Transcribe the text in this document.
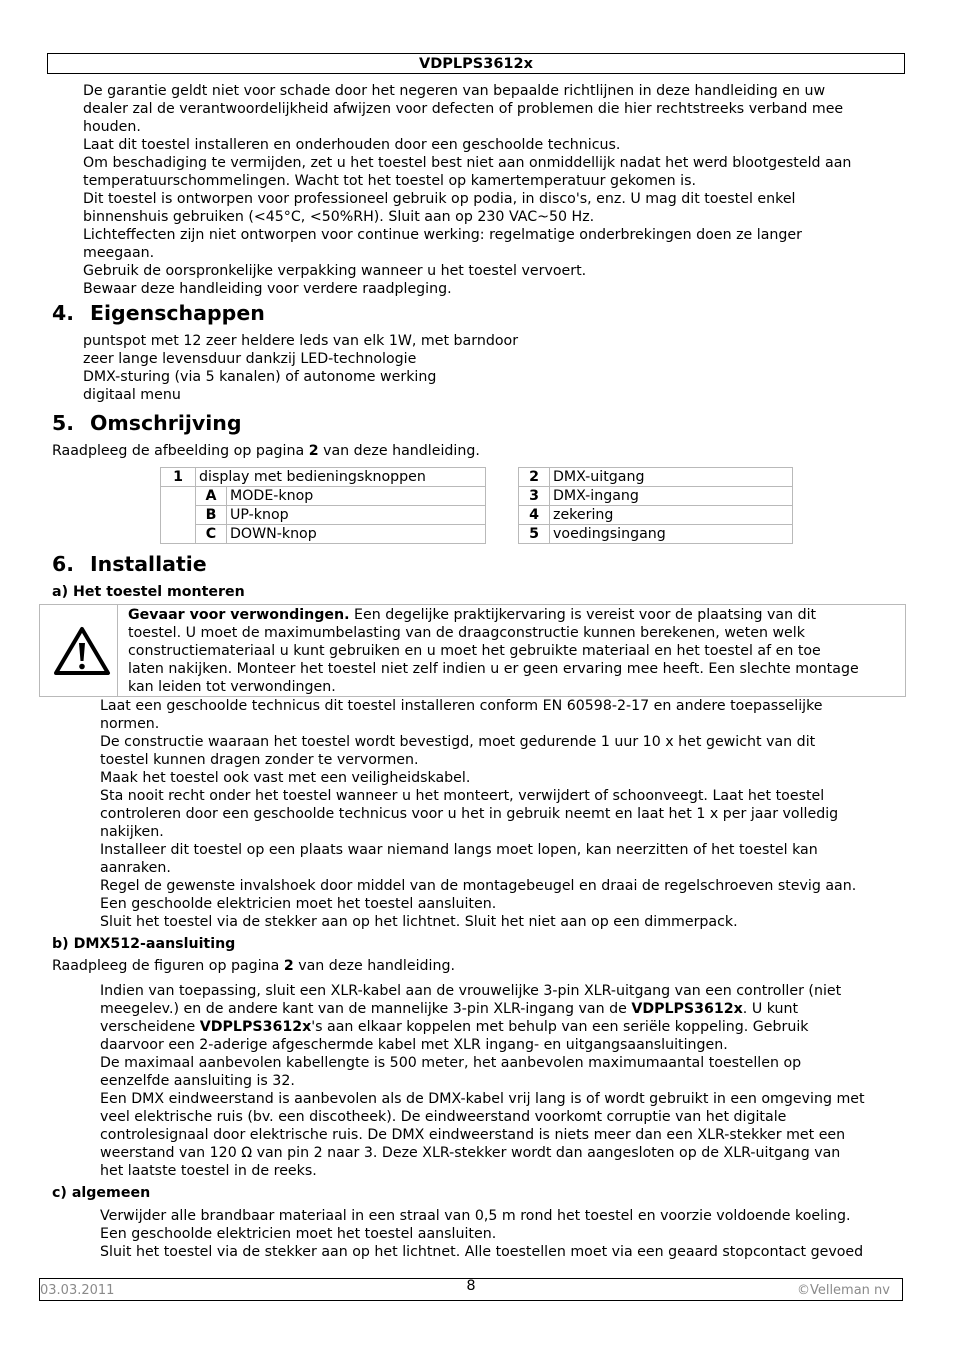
VDPLPS3612x
De garantie geldt niet voor schade door het negeren van bepaalde richtlijnen in deze handleiding en uw
dealer zal de verantwoordelijkheid afwijzen voor defecten of problemen die hier rechtstreeks verband mee
houden.
Laat dit toestel installeren en onderhouden door een geschoolde technicus.
Om beschadiging te vermijden, zet u het toestel best niet aan onmiddellijk nadat het werd blootgesteld aan
temperatuurschommelingen. Wacht tot het toestel op kamertemperatuur gekomen is.
Dit toestel is ontworpen voor professioneel gebruik op podia, in disco's, enz. U mag dit toestel enkel
binnenshuis gebruiken (<45°C, <50%RH). Sluit aan op 230 VAC~50 Hz.
Lichteffecten zijn niet ontworpen voor continue werking: regelmatige onderbrekingen doen ze langer
meegaan.
Gebruik de oorspronkelijke verpakking wanneer u het toestel vervoert.
Bewaar deze handleiding voor verdere raadpleging.
4. Eigenschappen
puntspot met 12 zeer heldere leds van elk 1W, met barndoor
zeer lange levensduur dankzij LED-technologie
DMX-sturing (via 5 kanalen) of autonome werking
digitaal menu
5. Omschrijving
Raadpleeg de afbeelding op pagina 2 van deze handleiding.
1	display met bedieningsknoppen	
	A	MODE-knop
	B	UP-knop
	C	DOWN-knop
2	DMX-uitgang
3	DMX-ingang
4	zekering
5	voedingsingang
6. Installatie
a) Het toestel monteren
Gevaar voor verwondingen. Een degelijke praktijkervaring is vereist voor de plaatsing van dit
toestel. U moet de maximumbelasting van de draagconstructie kunnen berekenen, weten welk
constructiemateriaal u kunt gebruiken en u moet het gebruikte materiaal en het toestel af en toe
laten nakijken. Monteer het toestel niet zelf indien u er geen ervaring mee heeft. Een slechte montage
kan leiden tot verwondingen.
Laat een geschoolde technicus dit toestel installeren conform EN 60598-2-17 en andere toepasselijke
normen.
De constructie waaraan het toestel wordt bevestigd, moet gedurende 1 uur 10 x het gewicht van dit
toestel kunnen dragen zonder te vervormen.
Maak het toestel ook vast met een veiligheidskabel.
Sta nooit recht onder het toestel wanneer u het monteert, verwijdert of schoonveegt. Laat het toestel
controleren door een geschoolde technicus voor u het in gebruik neemt en laat het 1 x per jaar volledig
nakijken.
Installeer dit toestel op een plaats waar niemand langs moet lopen, kan neerzitten of het toestel kan
aanraken.
Regel de gewenste invalshoek door middel van de montagebeugel en draai de regelschroeven stevig aan.
Een geschoolde elektricien moet het toestel aansluiten.
Sluit het toestel via de stekker aan op het lichtnet. Sluit het niet aan op een dimmerpack.
b) DMX512-aansluiting
Raadpleeg de figuren op pagina 2 van deze handleiding.
Indien van toepassing, sluit een XLR-kabel aan de vrouwelijke 3-pin XLR-uitgang van een controller (niet
meegelev.) en de andere kant van de mannelijke 3-pin XLR-ingang van de VDPLPS3612x. U kunt
verscheidene VDPLPS3612x's aan elkaar koppelen met behulp van een seriële koppeling. Gebruik
daarvoor een 2-aderige afgeschermde kabel met XLR ingang- en uitgangsaansluitingen.
De maximaal aanbevolen kabellengte is 500 meter, het aanbevolen maximumaantal toestellen op
eenzelfde aansluiting is 32.
Een DMX eindweerstand is aanbevolen als de DMX-kabel vrij lang is of wordt gebruikt in een omgeving met
veel elektrische ruis (bv. een discotheek). De eindweerstand voorkomt corruptie van het digitale
controlesignaal door elektrische ruis. De DMX eindweerstand is niets meer dan een XLR-stekker met een
weerstand van 120 Ω van pin 2 naar 3. Deze XLR-stekker wordt dan aangesloten op de XLR-uitgang van
het laatste toestel in de reeks.
c) algemeen
Verwijder alle brandbaar materiaal in een straal van 0,5 m rond het toestel en voorzie voldoende koeling.
Een geschoolde elektricien moet het toestel aansluiten.
Sluit het toestel via de stekker aan op het lichtnet. Alle toestellen moet via een geaard stopcontact gevoed
03.03.2011	8	©Velleman nv
